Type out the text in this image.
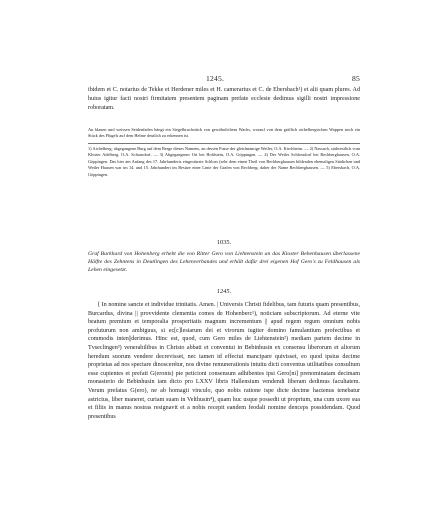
1245.	85

ibidem et C. notarius de Tekke et Herdener miles et H. camerarius et C. de Ebersbach¹) et alii quam plures. Ad huius igitur facti nostri firmitatem presentem paginam prefate ecclesie dedimus sigilli nostri impressione roboratam.

An blauen und weissen Seidenfaden hängt ein Siegelbruchstück von gewöhnlichem Wachs, worauf von dem gräflich aichelbergischen Wappen noch ein Stück des Flügels auf dem Helme deutlich zu erkennen ist.

1) Aichelberg, abgegangene Burg auf dem Berge dieses Namens, an dessen Fusse der gleichnamige Weiler, O.A. Kirchheim. — 2) Nassach, südwestlich vom Kloster Adelberg, O.A. Schorndorf. — 3) Abgegangener Ort bei Hohlstein, O.A. Göppingen. — 4) Der Weiler Schlossdorf bei Rechberghausen, O.A. Göppingen. Das hier am Anfang des 17. Jahrhunderts eingestürzte Schloss (sehr dem einen Theil von Rechberghausen bildenden ehemaligen Städtchen und Weiler Hausen war im 14. und 15. Jahrhundert im Besitze einer Linie der Grafen von Rechberg; daher der Name Rechberghausen. — 5) Ebersbach, O.A. Göppingen.

1035.

Graf Burkhard von Hohenberg erhebt die von Ritter Gero von Liehtenstein an das Kloster Bebenhausen überlassene Hälfte des Zehntens in Deutlingen des Lehenverbandes und erhält dafür drei eigenen Hof Gero's zu Feldhausen als Lehen eingesetzt.

1245.

[ In nomine sancte et individue trinitatis. Amen. | Universis Christi fidelibus, tam futuris quam presentibus, Burcardus, divina || provvidente clementia comes de Hohenberc¹), noticiam subscriptorum. Ad eterne vite beatum premium et temporalia prosperitatis magnum incrementum || apud regem regum omnium nobis profuturum non ambiguus, si ec[c]lesiarum dei et virorum iugiter domino famulantium profectibus et commodis inten||derimus. Hinc est, quod, cum Gero miles de Liehtenstein²) mediam partem decime in Tvseclingen³) venerabilibus in Christo abbati et conventui in Bebinhusin ex consensu liberorum et aliorum heredum suorum vendere decrevisset, nec tamen id effectui mancipare quivisset, eo quod ipsius decime proprietas ad nos spectare dinoscerétur, nos divine remunerationis intuitu dicti conventus utilitatibus consultum esse cupientes et prefati G(eronis) pie peticioni consensum adhibentes ipsi Gero[ni] prenominatam decimam monasterio de Bebinhusin iam dicto pro LXXV libris Hallensium vendendi liberam dedimus facultatem. Verum prefatus G(ero), ne ab homagii vinculo, quo nobis ratione ispe dicte decime hactenus tenebatur astrictus, liber maneret, curiam suam in Velthusin⁴), quam huc usque possedit ut proprium, una cum uxore sua et filiis in manus nostras resignavit et a nobis recepit eandem feodali nomine denceps possidendam. Quod presentibus
